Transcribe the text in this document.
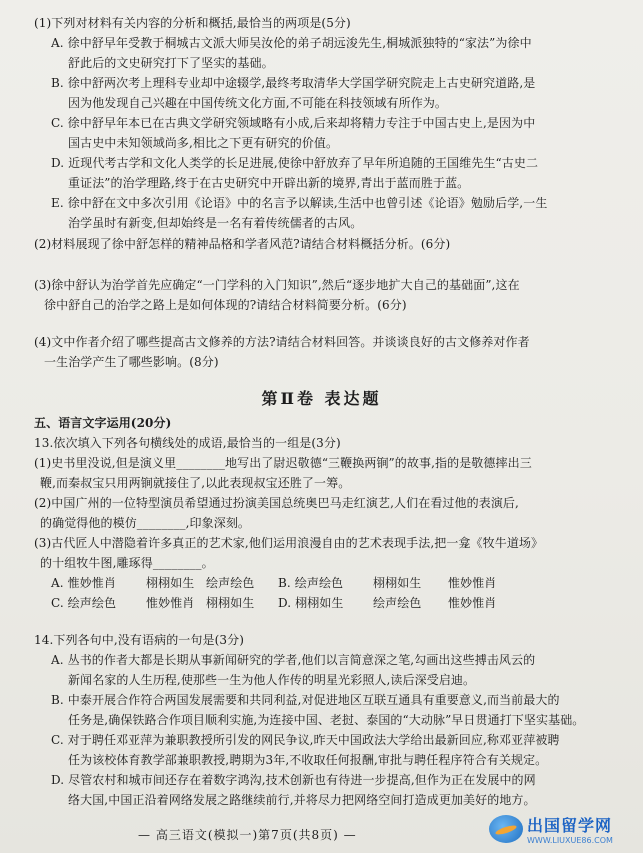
(1)下列对材料有关内容的分析和概括,最恰当的两项是(5分)
A. 徐中舒早年受教于桐城古文派大师吴汝伦的弟子胡远浚先生,桐城派独特的“家法”为徐中
舒此后的文史研究打下了坚实的基础。
B. 徐中舒两次考上理科专业却中途辍学,最终考取清华大学国学研究院走上古史研究道路,是
因为他发现自己兴趣在中国传统文化方面,不可能在科技领域有所作为。
C. 徐中舒早年本已在古典文学研究领域略有小成,后来却将精力专注于中国古史上,是因为中
国古史中未知领域尚多,相比之下更有研究的价值。
D. 近现代考古学和文化人类学的长足进展,使徐中舒放弃了早年所追随的王国维先生“古史二
重证法”的治学理路,终于在古史研究中开辟出新的境界,青出于蓝而胜于蓝。
E. 徐中舒在文中多次引用《论语》中的名言予以解读,生活中也曾引述《论语》勉励后学,一生
治学虽时有新变,但却始终是一名有着传统儒者的古风。
(2)材料展现了徐中舒怎样的精神品格和学者风范?请结合材料概括分析。(6分)
(3)徐中舒认为治学首先应确定“一门学科的入门知识”,然后“逐步地扩大自己的基础面”,这在
徐中舒自己的治学之路上是如何体现的?请结合材料简要分析。(6分)
(4)文中作者介绍了哪些提高古文修养的方法?请结合材料回答。并谈谈良好的古文修养对作者
一生治学产生了哪些影响。(8分)
第Ⅱ卷 表达题
五、语言文字运用(20分)
13.依次填入下列各句横线处的成语,最恰当的一组是(3分)
(1)史书里没说,但是演义里________地写出了尉迟敬德“三鞭换两锏”的故事,指的是敬德摔出三
鞭,而秦叔宝只用两锏就接住了,以此表现叔宝还胜了一筹。
(2)中国广州的一位特型演员希望通过扮演美国总统奥巴马走红演艺,人们在看过他的表演后,
的确觉得他的模仿________,印象深刻。
(3)古代匠人中潜隐着许多真正的艺术家,他们运用浪漫自由的艺术表现手法,把一龛《牧牛道场》
的十组牧牛图,雕琢得________。
A. 惟妙惟肖	栩栩如生 绘声绘色	B. 绘声绘色	栩栩如生	惟妙惟肖
C. 绘声绘色	惟妙惟肖 栩栩如生	D. 栩栩如生	绘声绘色	惟妙惟肖
14.下列各句中,没有语病的一句是(3分)
A. 丛书的作者大都是长期从事新闻研究的学者,他们以言简意深之笔,勾画出这些搏击风云的
新闻名家的人生历程,使那些一生为他人作传的明星光彩照人,读后深受启迪。
B. 中泰开展合作符合两国发展需要和共同利益,对促进地区互联互通具有重要意义,而当前最大的
任务是,确保铁路合作项目顺利实施,为连接中国、老挝、泰国的“大动脉”早日贯通打下坚实基础。
C. 对于聘任邓亚萍为兼职教授所引发的网民争议,昨天中国政法大学给出最新回应,称邓亚萍被聘
任为该校体育教学部兼职教授,聘期为3年,不收取任何报酬,审批与聘任程序符合有关规定。
D. 尽管农村和城市间还存在着数字鸿沟,技术创新也有待进一步提高,但作为正在发展中的网
络大国,中国正沿着网络发展之路继续前行,并将尽力把网络空间打造成更加美好的地方。
— 高三语文(模拟一)第7页(共8页) —	出国留学网
WWW.LIUXUE86.COM
